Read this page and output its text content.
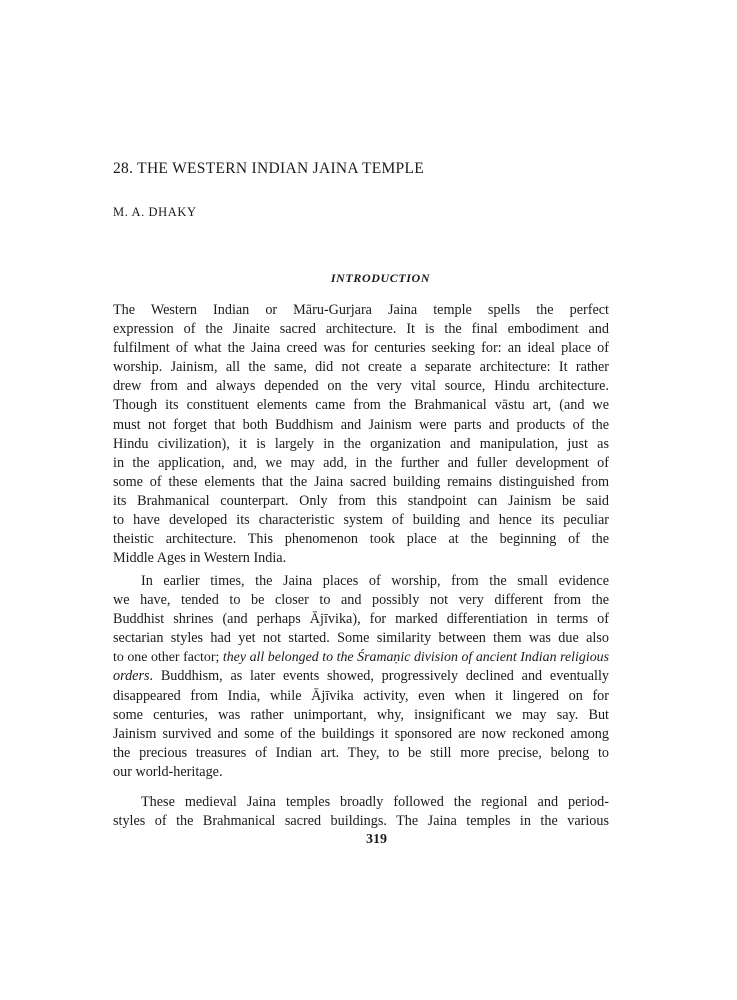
28. THE WESTERN INDIAN JAINA TEMPLE

M. A. DHAKY

INTRODUCTION
The Western Indian or Māru-Gurjara Jaina temple spells the perfect
expression of the Jinaite sacred architecture. It is the final embodiment and
fulfilment of what the Jaina creed was for centuries seeking for: an ideal place of
worship. Jainism, all the same, did not create a separate architecture: It rather
drew from and always depended on the very vital source, Hindu architecture.
Though its constituent elements came from the Brahmanical vāstu art, (and we
must not forget that both Buddhism and Jainism were parts and products of the
Hindu civilization), it is largely in the organization and manipulation, just as
in the application, and, we may add, in the further and fuller development of
some of these elements that the Jaina sacred building remains distinguished from
its Brahmanical counterpart. Only from this standpoint can Jainism be said
to have developed its characteristic system of building and hence its peculiar
theistic architecture. This phenomenon took place at the beginning of the
Middle Ages in Western India.
In earlier times, the Jaina places of worship, from the small evidence
we have, tended to be closer to and possibly not very different from the
Buddhist shrines (and perhaps Ājīvika), for marked differentiation in terms of
sectarian styles had yet not started. Some similarity between them was due also
to one other factor; they all belonged to the Śramaṇic division of ancient Indian religious
orders. Buddhism, as later events showed, progressively declined and eventually
disappeared from India, while Ājīvika activity, even when it lingered on for
some centuries, was rather unimportant, why, insignificant we may say. But
Jainism survived and some of the buildings it sponsored are now reckoned among
the precious treasures of Indian art. They, to be still more precise, belong to
our world-heritage.
These medieval Jaina temples broadly followed the regional and period-
styles of the Brahmanical sacred buildings. The Jaina temples in the various

319
